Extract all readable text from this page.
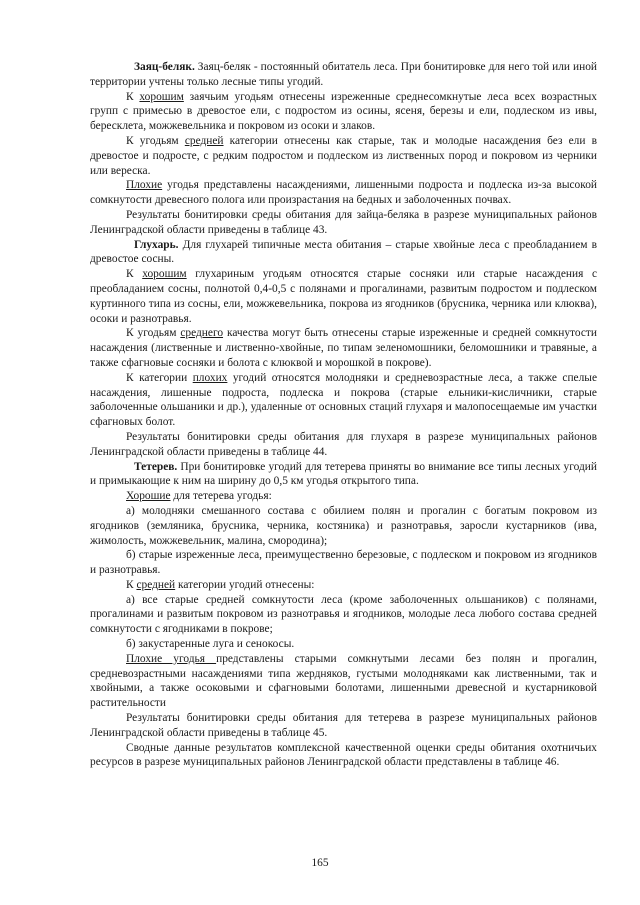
Заяц-беляк. Заяц-беляк - постоянный обитатель леса. При бонитировке для него той или иной территории учтены только лесные типы угодий.

К хорошим заячьим угодьям отнесены изреженные среднесомкнутые леса всех возрастных групп с примесью в древостое ели, с подростом из осины, ясеня, березы и ели, подлеском из ивы, бересклета, можжевельника и покровом из осоки и злаков.

К угодьям средней категории отнесены как старые, так и молодые насаждения без ели в древостое и подросте, с редким подростом и подлеском из лиственных пород и покровом из черники или вереска.

Плохие угодья представлены насаждениями, лишенными подроста и подлеска из-за высокой сомкнутости древесного полога или произрастания на бедных и заболоченных почвах.

Результаты бонитировки среды обитания для зайца-беляка в разрезе муниципальных районов Ленинградской области приведены в таблице 43.

Глухарь. Для глухарей типичные места обитания – старые хвойные леса с преобладанием в древостое сосны.

К хорошим глухариным угодьям относятся старые сосняки или старые насаждения с преобладанием сосны, полнотой 0,4-0,5 с полянами и прогалинами, развитым подростом и подлеском куртинного типа из сосны, ели, можжевельника, покрова из ягодников (брусника, черника или клюква), осоки и разнотравья.

К угодьям среднего качества могут быть отнесены старые изреженные и средней сомкнутости насаждения (лиственные и лиственно-хвойные, по типам зеленомошники, беломошники и травяные, а также сфагновые сосняки и болота с клюквой и морошкой в покрове).

К категории плохих угодий относятся молодняки и средневозрастные леса, а также спелые насаждения, лишенные подроста, подлеска и покрова (старые ельники-кисличники, старые заболоченные ольшаники и др.), удаленные от основных стаций глухаря и малопосещаемые им участки сфагновых болот.

Результаты бонитировки среды обитания для глухаря в разрезе муниципальных районов Ленинградской области приведены в таблице 44.

Тетерев. При бонитировке угодий для тетерева приняты во внимание все типы лесных угодий и примыкающие к ним на ширину до 0,5 км угодья открытого типа.

Хорошие для тетерева угодья:

а) молодняки смешанного состава с обилием полян и прогалин с богатым покровом из ягодников (земляника, брусника, черника, костяника) и разнотравья, заросли кустарников (ива, жимолость, можжевельник, малина, смородина);

б) старые изреженные леса, преимущественно березовые, с подлеском и покровом из ягодников и разнотравья.

К средней категории угодий отнесены:

а) все старые средней сомкнутости леса (кроме заболоченных ольшаников) с полянами, прогалинами и развитым покровом из разнотравья и ягодников, молодые леса любого состава средней сомкнутости с ягодниками в покрове;

б) закустаренные луга и сенокосы.

Плохие угодья представлены старыми сомкнутыми лесами без полян и прогалин, средневозрастными насаждениями типа жердняков, густыми молодняками как лиственными, так и хвойными, а также осоковыми и сфагновыми болотами, лишенными древесной и кустарниковой растительности

Результаты бонитировки среды обитания для тетерева в разрезе муниципальных районов Ленинградской области приведены в таблице 45.

Сводные данные результатов комплексной качественной оценки среды обитания охотничьих ресурсов в разрезе муниципальных районов Ленинградской области представлены в таблице 46.

165
